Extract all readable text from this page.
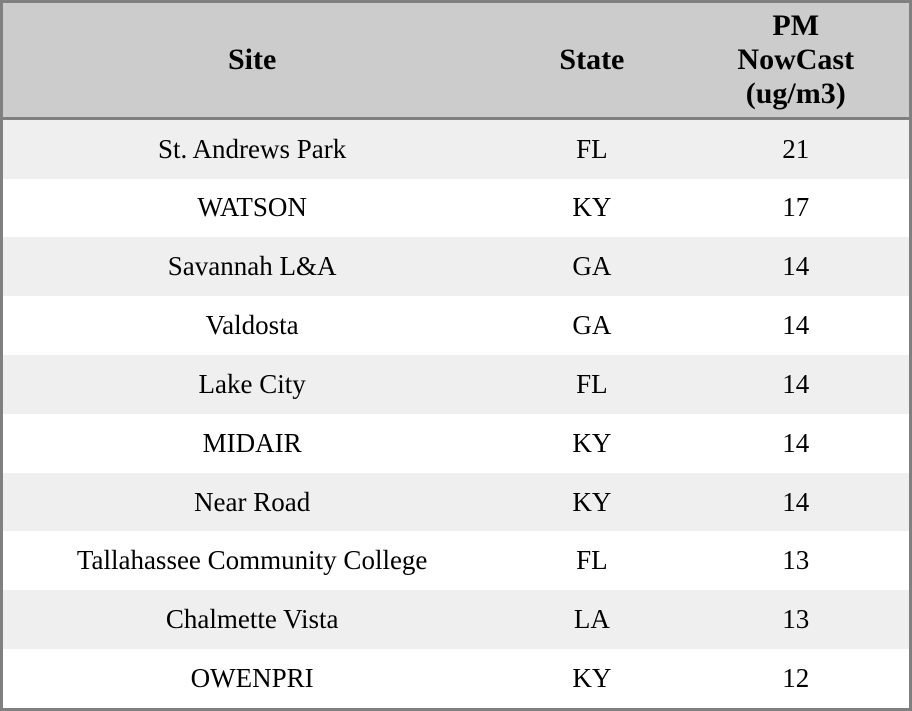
Site	State	PM
NowCast
(ug/m3)

St. Andrews Park	FL	21
WATSON	KY	17
Savannah L&A	GA	14
Valdosta	GA	14
Lake City	FL	14
MIDAIR	KY	14
Near Road	KY	14
Tallahassee Community College	FL	13
Chalmette Vista	LA	13
OWENPRI	KY	12
